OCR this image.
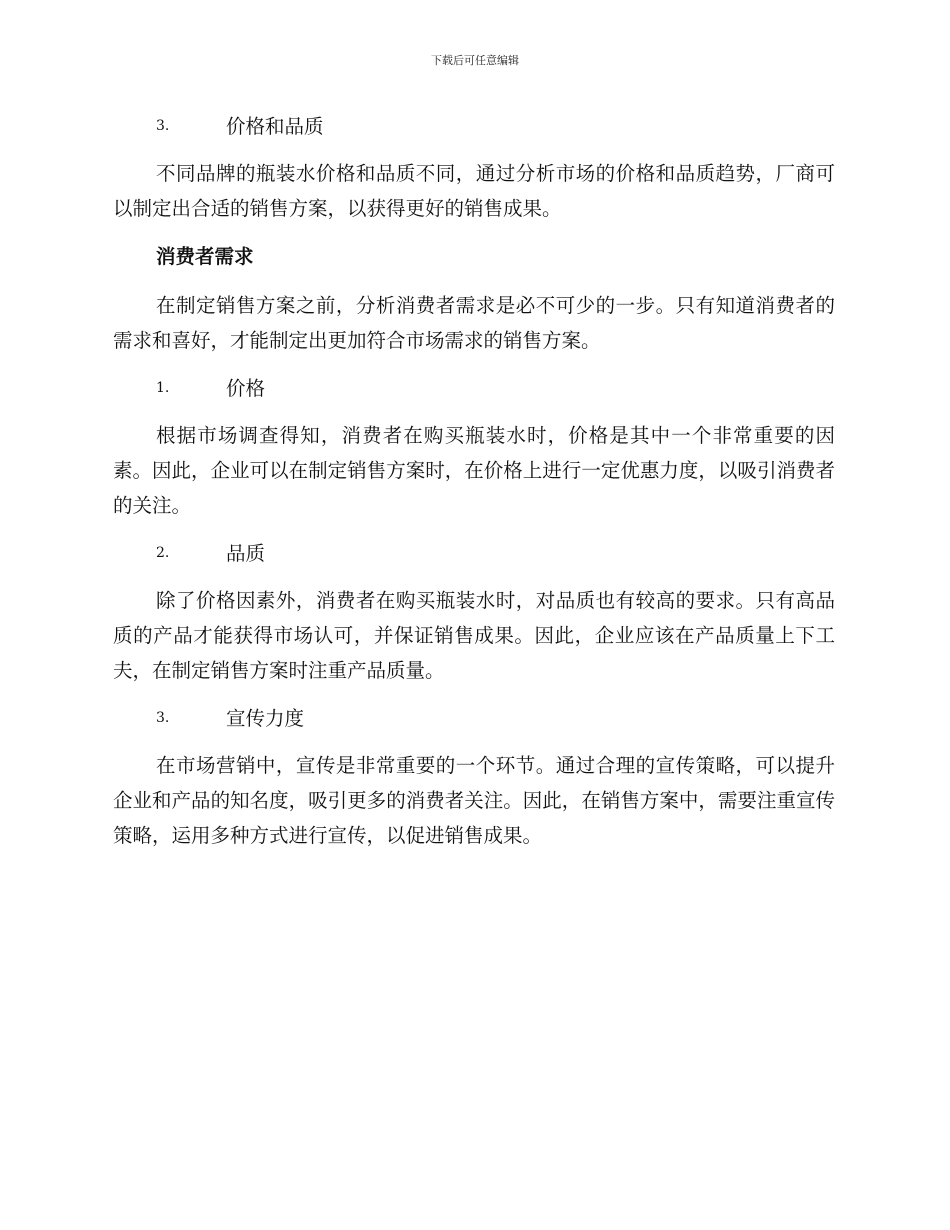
下载后可任意编辑
3.	价格和品质

不同品牌的瓶装水价格和品质不同，通过分析市场的价格和品质趋势，厂商可以制定出合适的销售方案，以获得更好的销售成果。

消费者需求

在制定销售方案之前，分析消费者需求是必不可少的一步。只有知道消费者的需求和喜好，才能制定出更加符合市场需求的销售方案。

1.	价格

根据市场调查得知，消费者在购买瓶装水时，价格是其中一个非常重要的因素。因此，企业可以在制定销售方案时，在价格上进行一定优惠力度，以吸引消费者的关注。

2.	品质

除了价格因素外，消费者在购买瓶装水时，对品质也有较高的要求。只有高品质的产品才能获得市场认可，并保证销售成果。因此，企业应该在产品质量上下工夫，在制定销售方案时注重产品质量。

3.	宣传力度

在市场营销中，宣传是非常重要的一个环节。通过合理的宣传策略，可以提升企业和产品的知名度，吸引更多的消费者关注。因此，在销售方案中，需要注重宣传策略，运用多种方式进行宣传，以促进销售成果。
